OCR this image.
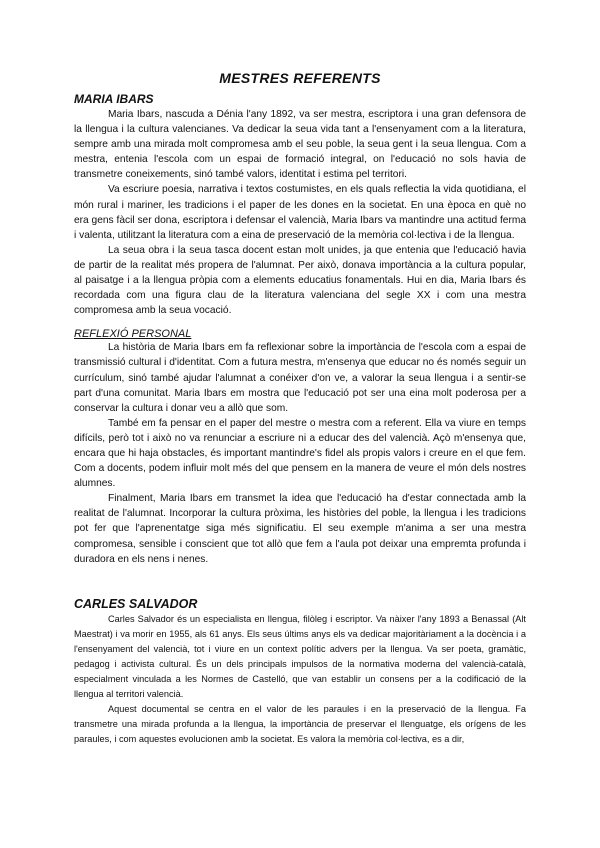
MESTRES REFERENTS
MARIA IBARS

Maria Ibars, nascuda a Dénia l'any 1892, va ser mestra, escriptora i una gran defensora de la llengua i la cultura valencianes. Va dedicar la seua vida tant a l'ensenyament com a la literatura, sempre amb una mirada molt compromesa amb el seu poble, la seua gent i la seua llengua. Com a mestra, entenia l'escola com un espai de formació integral, on l'educació no sols havia de transmetre coneixements, sinó també valors, identitat i estima pel territori.

Va escriure poesia, narrativa i textos costumistes, en els quals reflectia la vida quotidiana, el món rural i mariner, les tradicions i el paper de les dones en la societat. En una època en què no era gens fàcil ser dona, escriptora i defensar el valencià, Maria Ibars va mantindre una actitud ferma i valenta, utilitzant la literatura com a eina de preservació de la memòria col·lectiva i de la llengua.

La seua obra i la seua tasca docent estan molt unides, ja que entenia que l'educació havia de partir de la realitat més propera de l'alumnat. Per això, donava importància a la cultura popular, al paisatge i a la llengua pròpia com a elements educatius fonamentals. Hui en dia, Maria Ibars és recordada com una figura clau de la literatura valenciana del segle XX i com una mestra compromesa amb la seua vocació.

REFLEXIÓ PERSONAL

La història de Maria Ibars em fa reflexionar sobre la importància de l'escola com a espai de transmissió cultural i d'identitat. Com a futura mestra, m'ensenya que educar no és només seguir un currículum, sinó també ajudar l'alumnat a conéixer d'on ve, a valorar la seua llengua i a sentir-se part d'una comunitat. Maria Ibars em mostra que l'educació pot ser una eina molt poderosa per a conservar la cultura i donar veu a allò que som.

També em fa pensar en el paper del mestre o mestra com a referent. Ella va viure en temps difícils, però tot i això no va renunciar a escriure ni a educar des del valencià. Açò m'ensenya que, encara que hi haja obstacles, és important mantindre's fidel als propis valors i creure en el que fem. Com a docents, podem influir molt més del que pensem en la manera de veure el món dels nostres alumnes.

Finalment, Maria Ibars em transmet la idea que l'educació ha d'estar connectada amb la realitat de l'alumnat. Incorporar la cultura pròxima, les històries del poble, la llengua i les tradicions pot fer que l'aprenentatge siga més significatiu. El seu exemple m'anima a ser una mestra compromesa, sensible i conscient que tot allò que fem a l'aula pot deixar una empremta profunda i duradora en els nens i nenes.

CARLES SALVADOR

Carles Salvador és un especialista en llengua, filòleg i escriptor. Va nàixer l'any 1893 a Benassal (Alt Maestrat) i va morir en 1955, als 61 anys. Els seus últims anys els va dedicar majoritàriament a la docència i a l'ensenyament del valencià, tot i viure en un context polític advers per la llengua. Va ser poeta, gramàtic, pedagog i activista cultural. És un dels principals impulsos de la normativa moderna del valencià-català, especialment vinculada a les Normes de Castelló, que van establir un consens per a la codificació de la llengua al territori valencià.

Aquest documental se centra en el valor de les paraules i en la preservació de la llengua. Fa transmetre una mirada profunda a la llengua, la importància de preservar el llenguatge, els orígens de les paraules, i com aquestes evolucionen amb la societat. Es valora la memòria col·lectiva, es a dir,
